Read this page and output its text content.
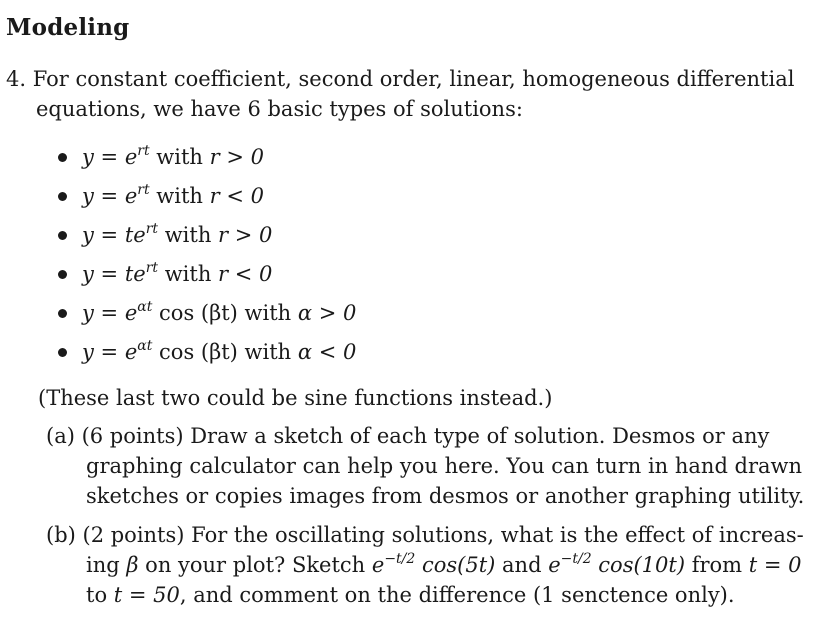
Modeling
4. For constant coefficient, second order, linear, homogeneous differential
equations, we have 6 basic types of solutions:
$y = e^{rt}$ with r > 0
$y = e^{rt}$ with r < 0
$y = te^{rt}$ with r > 0
$y = te^{rt}$ with r < 0
$y = e^{\alpha t}$ cos (βt) with α > 0
$y = e^{\alpha t}$ cos (βt) with α < 0
(These last two could be sine functions instead.)
(a) (6 points) Draw a sketch of each type of solution. Desmos or any
graphing calculator can help you here. You can turn in hand drawn
sketches or copies images from desmos or another graphing utility.
(b) (2 points) For the oscillating solutions, what is the effect of increas-
ing β on your plot? Sketch $e^{-t/2}$ cos(5t) and $e^{-t/2}$ cos(10t) from t = 0
to t = 50, and comment on the difference (1 senctence only).
